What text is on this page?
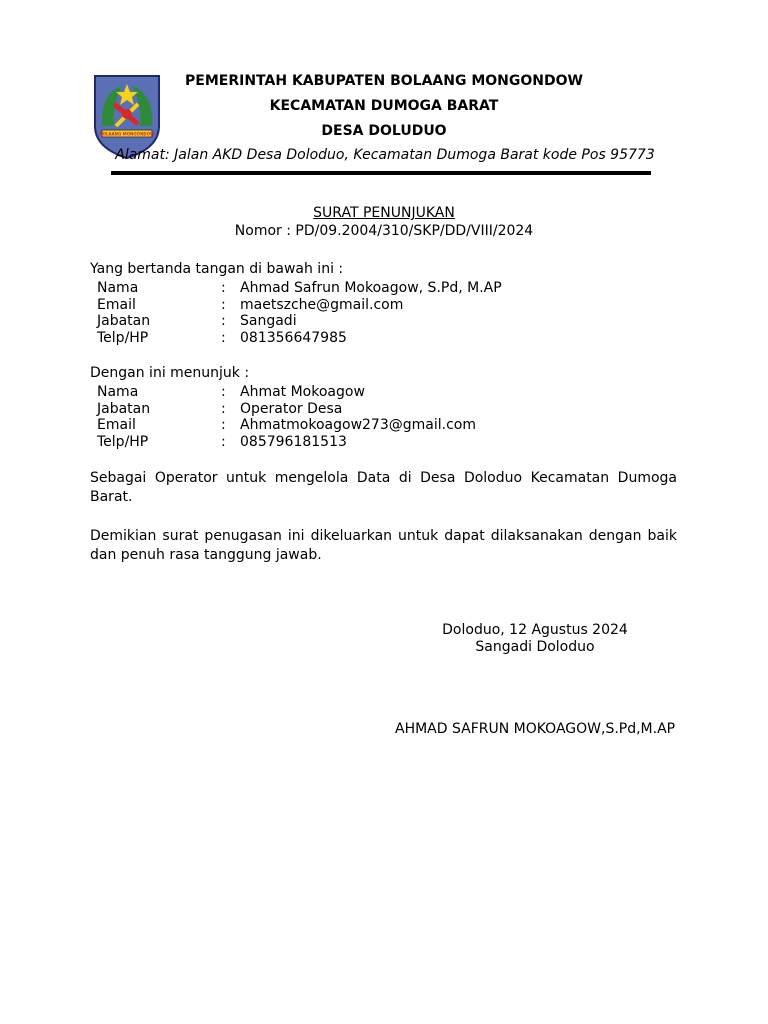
BOLAANG MONGONDOW
PEMERINTAH KABUPATEN BOLAANG MONGONDOW
KECAMATAN DUMOGA BARAT
DESA DOLUDUO
Alamat: Jalan AKD Desa Doloduo, Kecamatan Dumoga Barat kode Pos 95773
SURAT PENUNJUKAN
Nomor : PD/09.2004/310/SKP/DD/VIII/2024
Yang bertanda tangan di bawah ini :
Nama	: Ahmad Safrun Mokoagow, S.Pd, M.AP
Email	: maetszche@gmail.com
Jabatan	: Sangadi
Telp/HP	: 081356647985
Dengan ini menunjuk :
Nama	: Ahmat Mokoagow
Jabatan	: Operator Desa
Email	: Ahmatmokoagow273@gmail.com
Telp/HP	: 085796181513
Sebagai Operator untuk mengelola Data di Desa Doloduo Kecamatan Dumoga Barat.
Demikian surat penugasan ini dikeluarkan untuk dapat dilaksanakan dengan baik dan penuh rasa tanggung jawab.
Doloduo, 12 Agustus 2024
Sangadi Doloduo
AHMAD SAFRUN MOKOAGOW,S.Pd,M.AP
